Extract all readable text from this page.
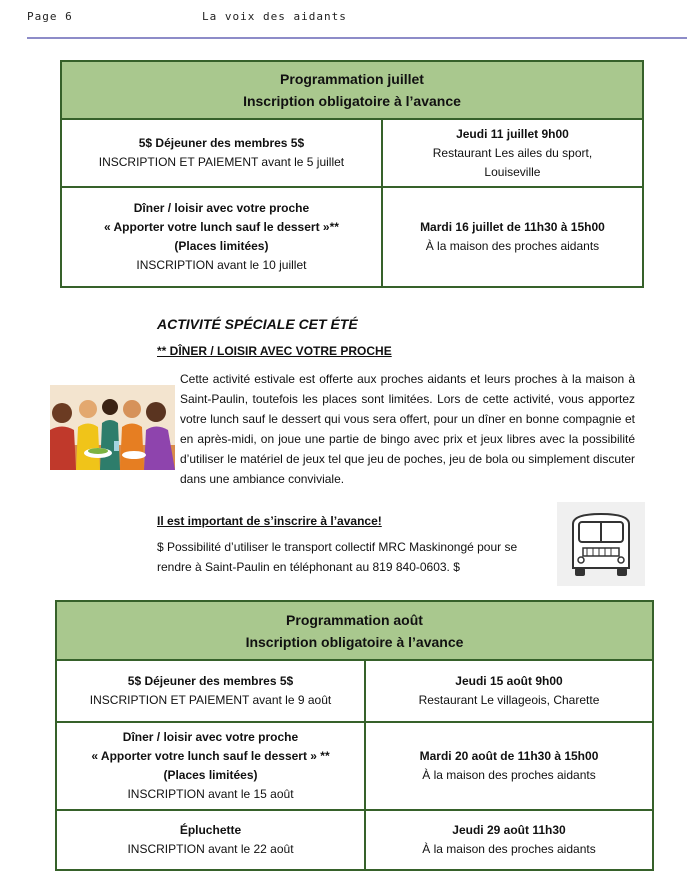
Page 6	La voix des aidants
Programmation juillet
Inscription obligatoire à l’avance	

5$ Déjeuner des membres 5$
INSCRIPTION ET PAIEMENT avant le 5 juillet	Jeudi 11 juillet 9h00
Restaurant Les ailes du sport,
Louiseville

Dîner / loisir avec votre proche
« Apporter votre lunch sauf le dessert »**
(Places limitées)
INSCRIPTION avant le 10 juillet	Mardi 16 juillet de 11h30 à 15h00
À la maison des proches aidants
ACTIVITÉ SPÉCIALE CET ÉTÉ
** DÎNER / LOISIR AVEC VOTRE PROCHE
Cette activité estivale est offerte aux proches aidants et leurs proches à la maison à Saint-Paulin, toutefois les places sont limitées. Lors de cette activité, vous apportez votre lunch sauf le dessert qui vous sera offert, pour un dîner en bonne compagnie et en après-midi, on joue une partie de bingo avec prix et jeux libres avec la possibilité d’utiliser le matériel de jeux tel que jeu de poches, jeu de bola ou simplement discuter dans une ambiance conviviale.
Il est important de s’inscrire à l’avance!
$ Possibilité d’utiliser le transport collectif MRC Maskinongé pour se rendre à Saint-Paulin en téléphonant au 819 840-0603. $
Programmation août
Inscription obligatoire à l’avance	

5$ Déjeuner des membres 5$
INSCRIPTION ET PAIEMENT avant le 9 août	Jeudi 15 août 9h00
Restaurant Le villageois, Charette

Dîner / loisir avec votre proche
« Apporter votre lunch sauf le dessert » **
(Places limitées)
INSCRIPTION avant le 15 août	Mardi 20 août de 11h30 à 15h00
À la maison des proches aidants

Épluchette
INSCRIPTION avant le 22 août	Jeudi 29 août 11h30
À la maison des proches aidants
